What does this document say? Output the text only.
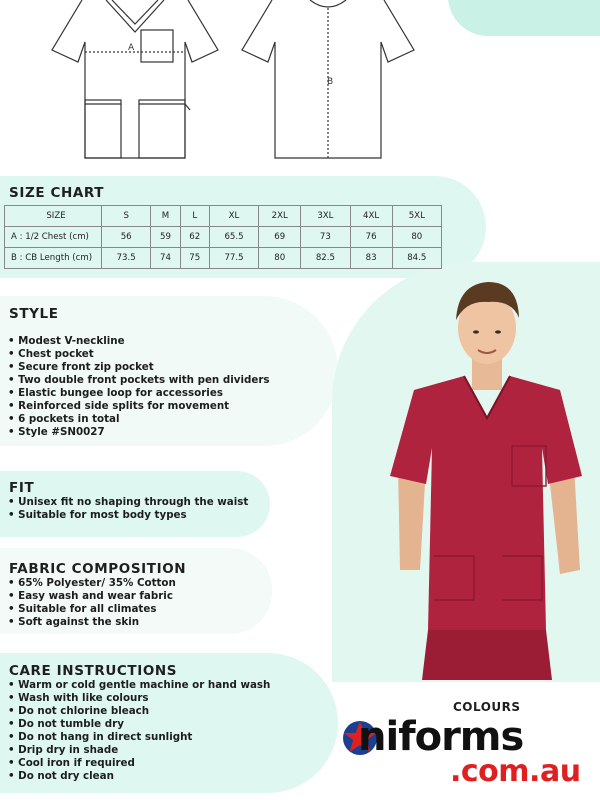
A
B
SIZE CHART
SIZE	S	M	L	XL	2XL	3XL	4XL	5XL
A : 1/2 Chest (cm)	56	59	62	65.5	69	73	76	80
B : CB Length (cm)	73.5	74	75	77.5	80	82.5	83	84.5
STYLE
• Modest V-neckline
• Chest pocket
• Secure front zip pocket
• Two double front pockets with pen dividers
• Elastic bungee loop for accessories
• Reinforced side splits for movement
• 6 pockets in total
• Style #SN0027
FIT
• Unisex fit no shaping through the waist
• Suitable for most body types
FABRIC COMPOSITION
• 65% Polyester/ 35% Cotton
• Easy wash and wear fabric
• Suitable for all climates
• Soft against the skin
CARE INSTRUCTIONS
• Warm or cold gentle machine or hand wash
• Wash with like colours
• Do not chlorine bleach
• Do not tumble dry
• Do not hang in direct sunlight
• Drip dry in shade
• Cool iron if required
• Do not dry clean
COLOURS
niforms
.com.au
